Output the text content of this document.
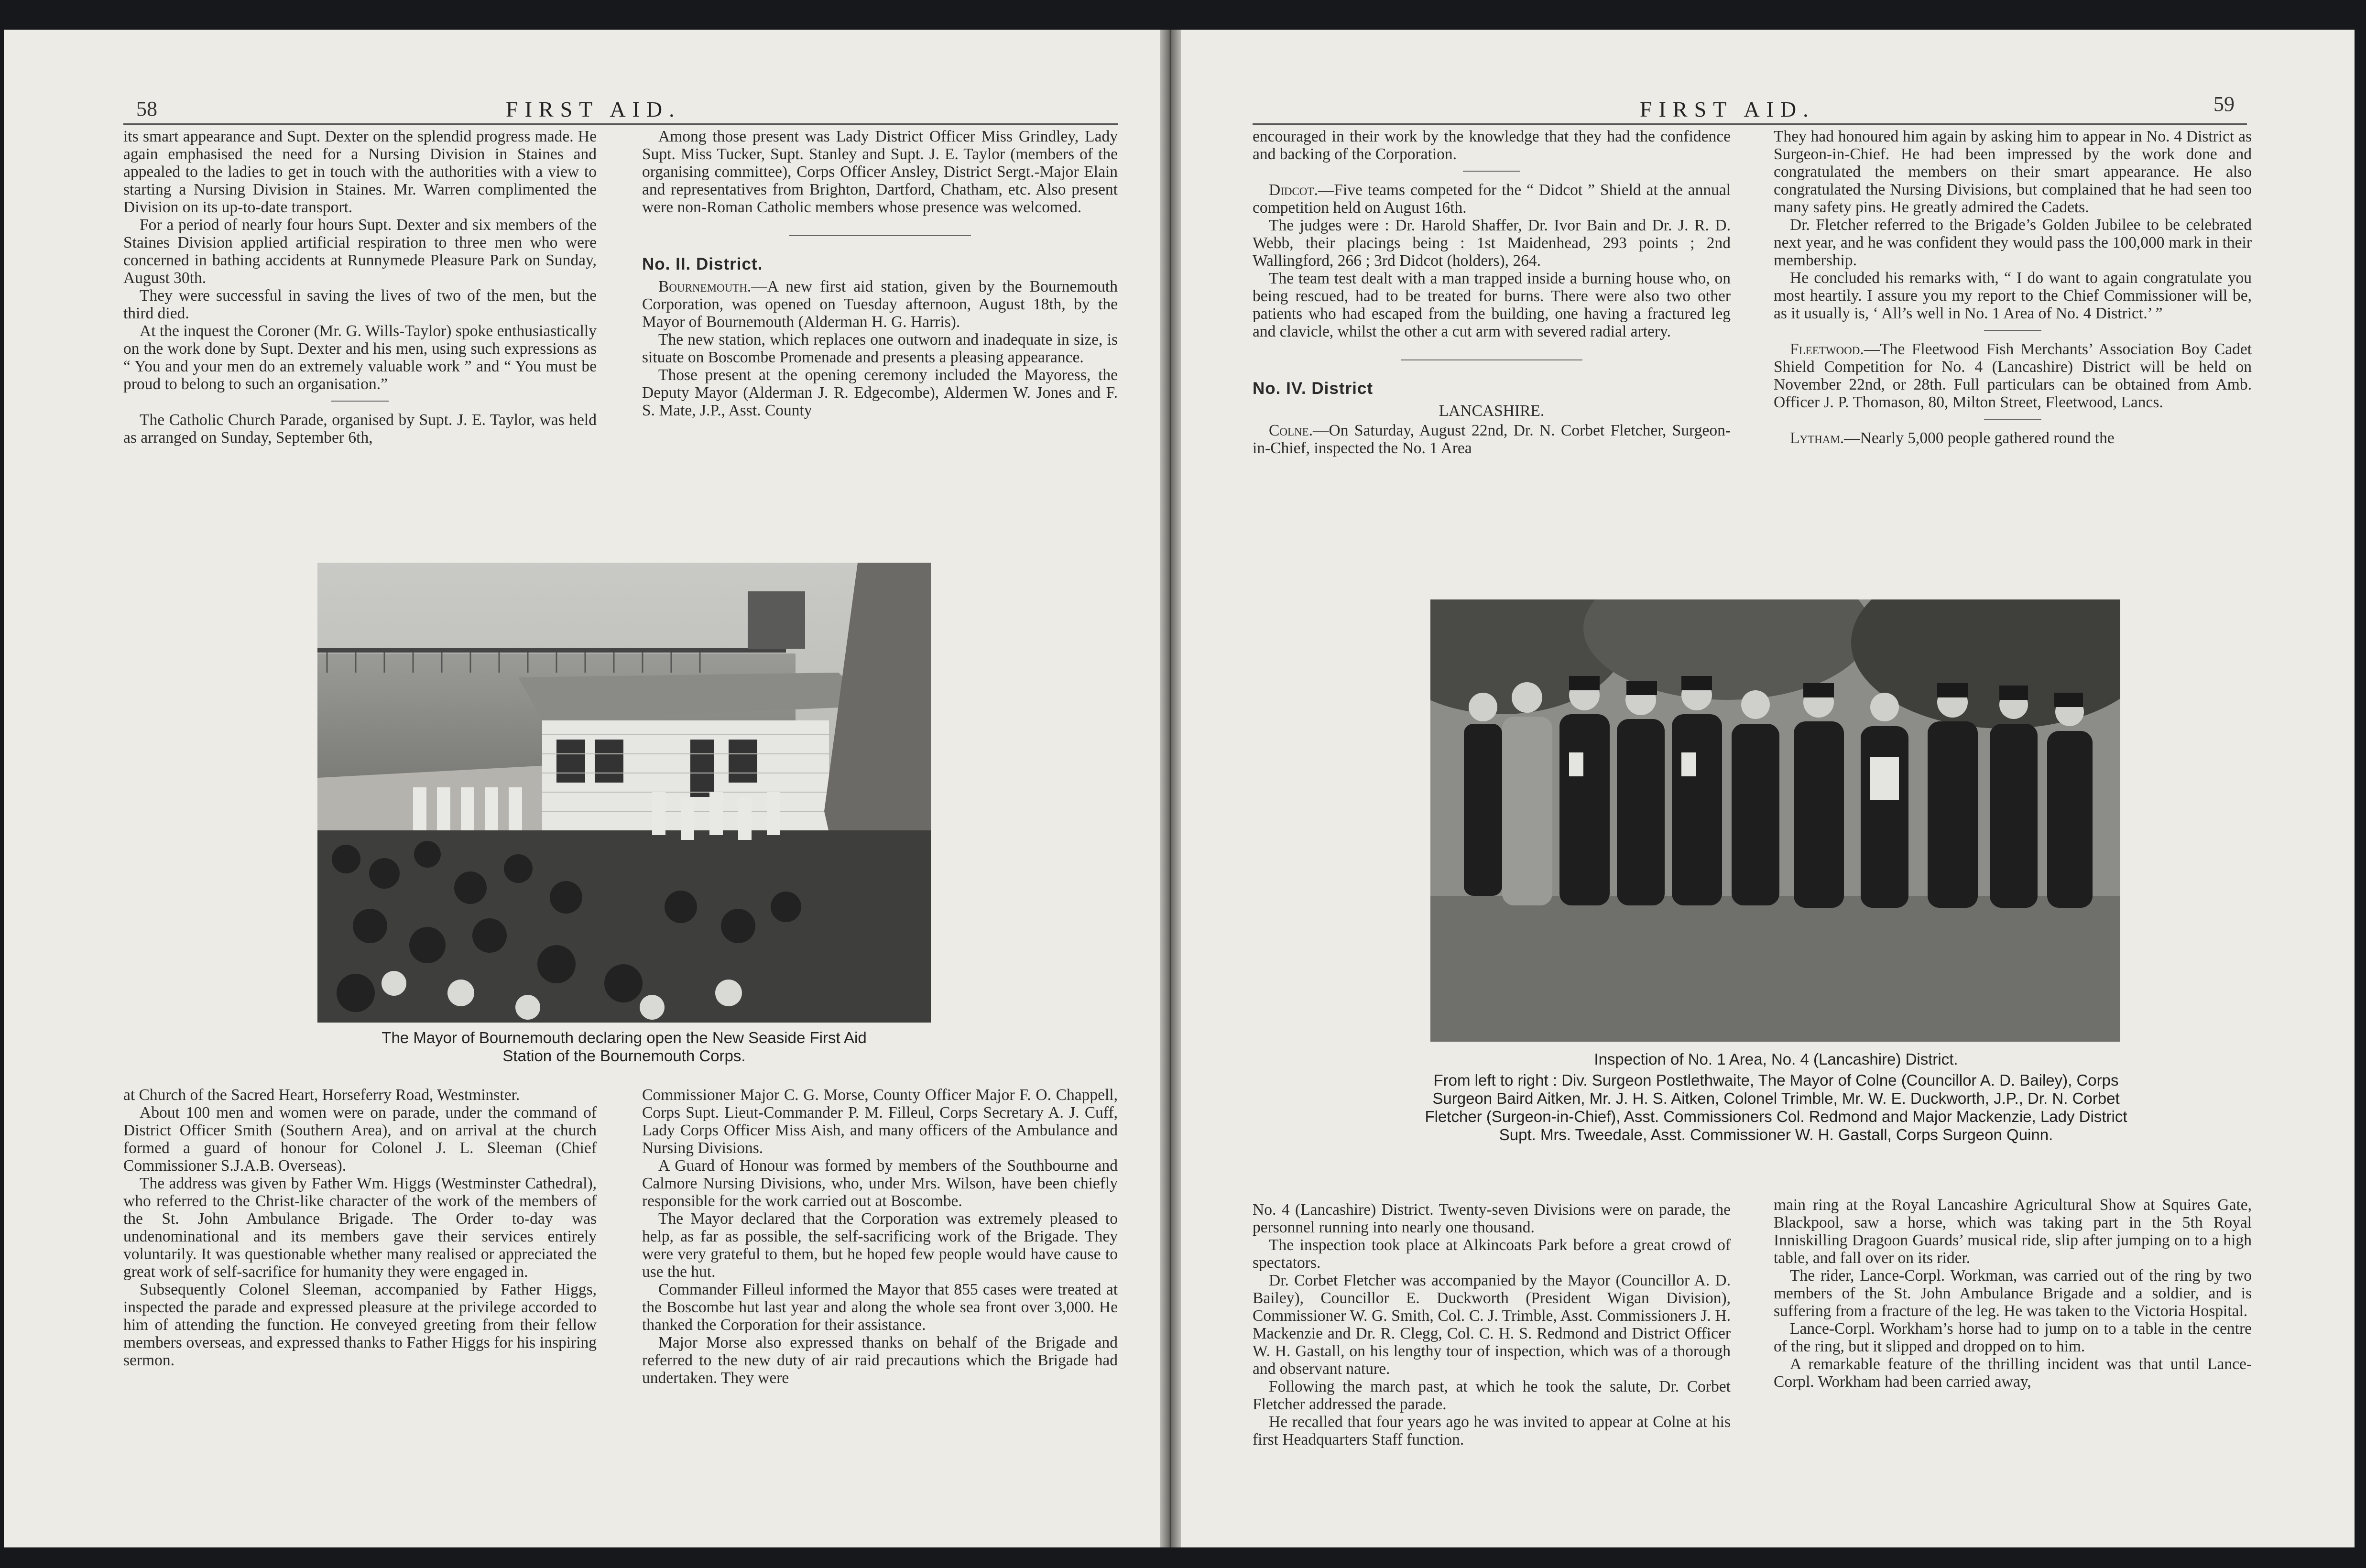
58	FIRST AID.

its smart appearance and Supt. Dexter on the splendid progress made. He again emphasised the need for a Nursing Division in Staines and appealed to the ladies to get in touch with the authorities with a view to starting a Nursing Division in Staines. Mr. Warren complimented the Division on its up-to-date transport.

For a period of nearly four hours Supt. Dexter and six members of the Staines Division applied artificial respiration to three men who were concerned in bathing accidents at Runnymede Pleasure Park on Sunday, August 30th.

They were successful in saving the lives of two of the men, but the third died.

At the inquest the Coroner (Mr. G. Wills-Taylor) spoke enthusiastically on the work done by Supt. Dexter and his men, using such expressions as “ You and your men do an extremely valuable work ” and “ You must be proud to belong to such an organisation.”

The Catholic Church Parade, organised by Supt. J. E. Taylor, was held as arranged on Sunday, September 6th,

Among those present was Lady District Officer Miss Grindley, Lady Supt. Miss Tucker, Supt. Stanley and Supt. J. E. Taylor (members of the organising committee), Corps Officer Ansley, District Sergt.-Major Elain and representatives from Brighton, Dartford, Chatham, etc. Also present were non-Roman Catholic members whose presence was welcomed.

No. II. District.

Bournemouth.—A new first aid station, given by the Bournemouth Corporation, was opened on Tuesday afternoon, August 18th, by the Mayor of Bournemouth (Alderman H. G. Harris).

The new station, which replaces one outworn and inadequate in size, is situate on Boscombe Promenade and presents a pleasing appearance.

Those present at the opening ceremony included the Mayoress, the Deputy Mayor (Alderman J. R. Edgecombe), Aldermen W. Jones and F. S. Mate, J.P., Asst. County

The Mayor of Bournemouth declaring open the New Seaside First Aid

Station of the Bournemouth Corps.

at Church of the Sacred Heart, Horseferry Road, Westminster.

About 100 men and women were on parade, under the command of District Officer Smith (Southern Area), and on arrival at the church formed a guard of honour for Colonel J. L. Sleeman (Chief Commissioner S.J.A.B. Overseas).

The address was given by Father Wm. Higgs (Westminster Cathedral), who referred to the Christ-like character of the work of the members of the St. John Ambulance Brigade. The Order to-day was undenominational and its members gave their services entirely voluntarily. It was questionable whether many realised or appreciated the great work of self-sacrifice for humanity they were engaged in.

Subsequently Colonel Sleeman, accompanied by Father Higgs, inspected the parade and expressed pleasure at the privilege accorded to him of attending the function. He conveyed greeting from their fellow members overseas, and expressed thanks to Father Higgs for his inspiring sermon.

Commissioner Major C. G. Morse, County Officer Major F. O. Chappell, Corps Supt. Lieut-Commander P. M. Filleul, Corps Secretary A. J. Cuff, Lady Corps Officer Miss Aish, and many officers of the Ambulance and Nursing Divisions.

A Guard of Honour was formed by members of the Southbourne and Calmore Nursing Divisions, who, under Mrs. Wilson, have been chiefly responsible for the work carried out at Boscombe.

The Mayor declared that the Corporation was extremely pleased to help, as far as possible, the self-sacrificing work of the Brigade. They were very grateful to them, but he hoped few people would have cause to use the hut.

Commander Filleul informed the Mayor that 855 cases were treated at the Boscombe hut last year and along the whole sea front over 3,000. He thanked the Corporation for their assistance.

Major Morse also expressed thanks on behalf of the Brigade and referred to the new duty of air raid precautions which the Brigade had undertaken. They were

FIRST AID.	59

encouraged in their work by the knowledge that they had the confidence and backing of the Corporation.

Didcot.—Five teams competed for the “ Didcot ” Shield at the annual competition held on August 16th.

The judges were : Dr. Harold Shaffer, Dr. Ivor Bain and Dr. J. R. D. Webb, their placings being : 1st Maidenhead, 293 points ; 2nd Wallingford, 266 ; 3rd Didcot (holders), 264.

The team test dealt with a man trapped inside a burning house who, on being rescued, had to be treated for burns. There were also two other patients who had escaped from the building, one having a fractured leg and clavicle, whilst the other a cut arm with severed radial artery.

No. IV. District

LANCASHIRE.

Colne.—On Saturday, August 22nd, Dr. N. Corbet Fletcher, Surgeon-in-Chief, inspected the No. 1 Area

They had honoured him again by asking him to appear in No. 4 District as Surgeon-in-Chief. He had been impressed by the work done and congratulated the members on their smart appearance. He also congratulated the Nursing Divisions, but complained that he had seen too many safety pins. He greatly admired the Cadets.

Dr. Fletcher referred to the Brigade’s Golden Jubilee to be celebrated next year, and he was confident they would pass the 100,000 mark in their membership.

He concluded his remarks with, “ I do want to again congratulate you most heartily. I assure you my report to the Chief Commissioner will be, as it usually is, ‘ All’s well in No. 1 Area of No. 4 District.’ ”

Fleetwood.—The Fleetwood Fish Merchants’ Association Boy Cadet Shield Competition for No. 4 (Lancashire) District will be held on November 22nd, or 28th. Full particulars can be obtained from Amb. Officer J. P. Thomason, 80, Milton Street, Fleetwood, Lancs.

Lytham.—Nearly 5,000 people gathered round the

Inspection of No. 1 Area, No. 4 (Lancashire) District.

From left to right : Div. Surgeon Postlethwaite, The Mayor of Colne (Councillor A. D. Bailey), Corps Surgeon Baird Aitken, Mr. J. H. S. Aitken, Colonel Trimble, Mr. W. E. Duckworth, J.P., Dr. N. Corbet Fletcher (Surgeon-in-Chief), Asst. Commissioners Col. Redmond and Major Mackenzie, Lady District Supt. Mrs. Tweedale, Asst. Commissioner W. H. Gastall, Corps Surgeon Quinn.

No. 4 (Lancashire) District. Twenty-seven Divisions were on parade, the personnel running into nearly one thousand.

The inspection took place at Alkincoats Park before a great crowd of spectators.

Dr. Corbet Fletcher was accompanied by the Mayor (Councillor A. D. Bailey), Councillor E. Duckworth (President Wigan Division), Commissioner W. G. Smith, Col. C. J. Trimble, Asst. Commissioners J. H. Mackenzie and Dr. R. Clegg, Col. C. H. S. Redmond and District Officer W. H. Gastall, on his lengthy tour of inspection, which was of a thorough and observant nature.

Following the march past, at which he took the salute, Dr. Corbet Fletcher addressed the parade.

He recalled that four years ago he was invited to appear at Colne at his first Headquarters Staff function.

main ring at the Royal Lancashire Agricultural Show at Squires Gate, Blackpool, saw a horse, which was taking part in the 5th Royal Inniskilling Dragoon Guards’ musical ride, slip after jumping on to a high table, and fall over on its rider.

The rider, Lance-Corpl. Workman, was carried out of the ring by two members of the St. John Ambulance Brigade and a soldier, and is suffering from a fracture of the leg. He was taken to the Victoria Hospital.

Lance-Corpl. Workham’s horse had to jump on to a table in the centre of the ring, but it slipped and dropped on to him.

A remarkable feature of the thrilling incident was that until Lance-Corpl. Workham had been carried away,
